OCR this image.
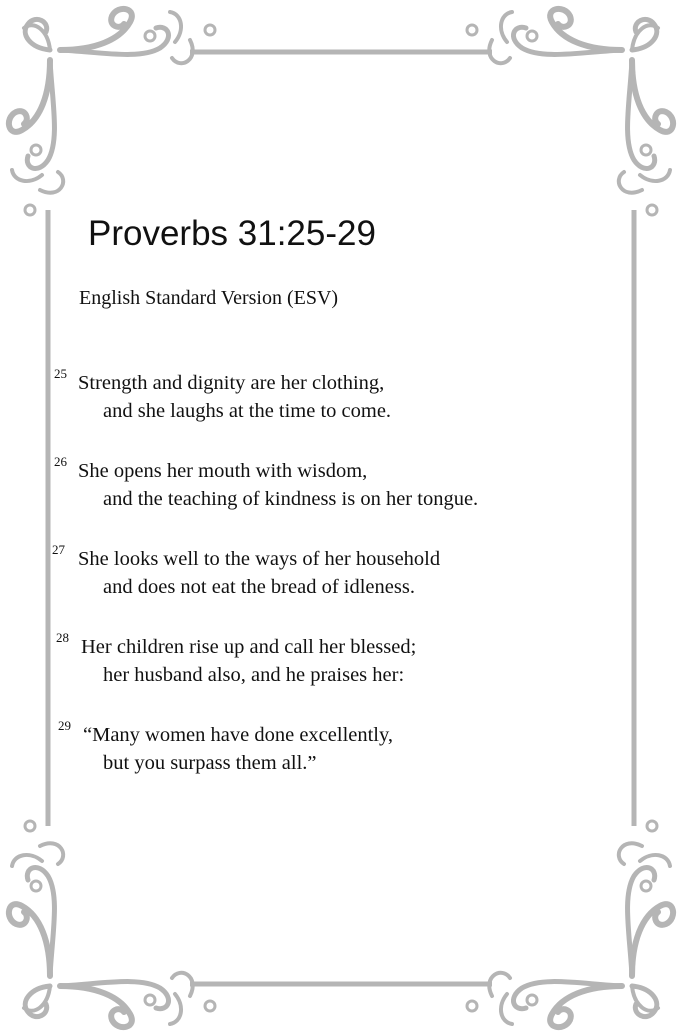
Proverbs 31:25-29

English Standard Version (ESV)

25 Strength and dignity are her clothing,
and she laughs at the time to come.
26 She opens her mouth with wisdom,
and the teaching of kindness is on her tongue.
27 She looks well to the ways of her household
and does not eat the bread of idleness.
28 Her children rise up and call her blessed;
her husband also, and he praises her:
29 “Many women have done excellently,
but you surpass them all.”
